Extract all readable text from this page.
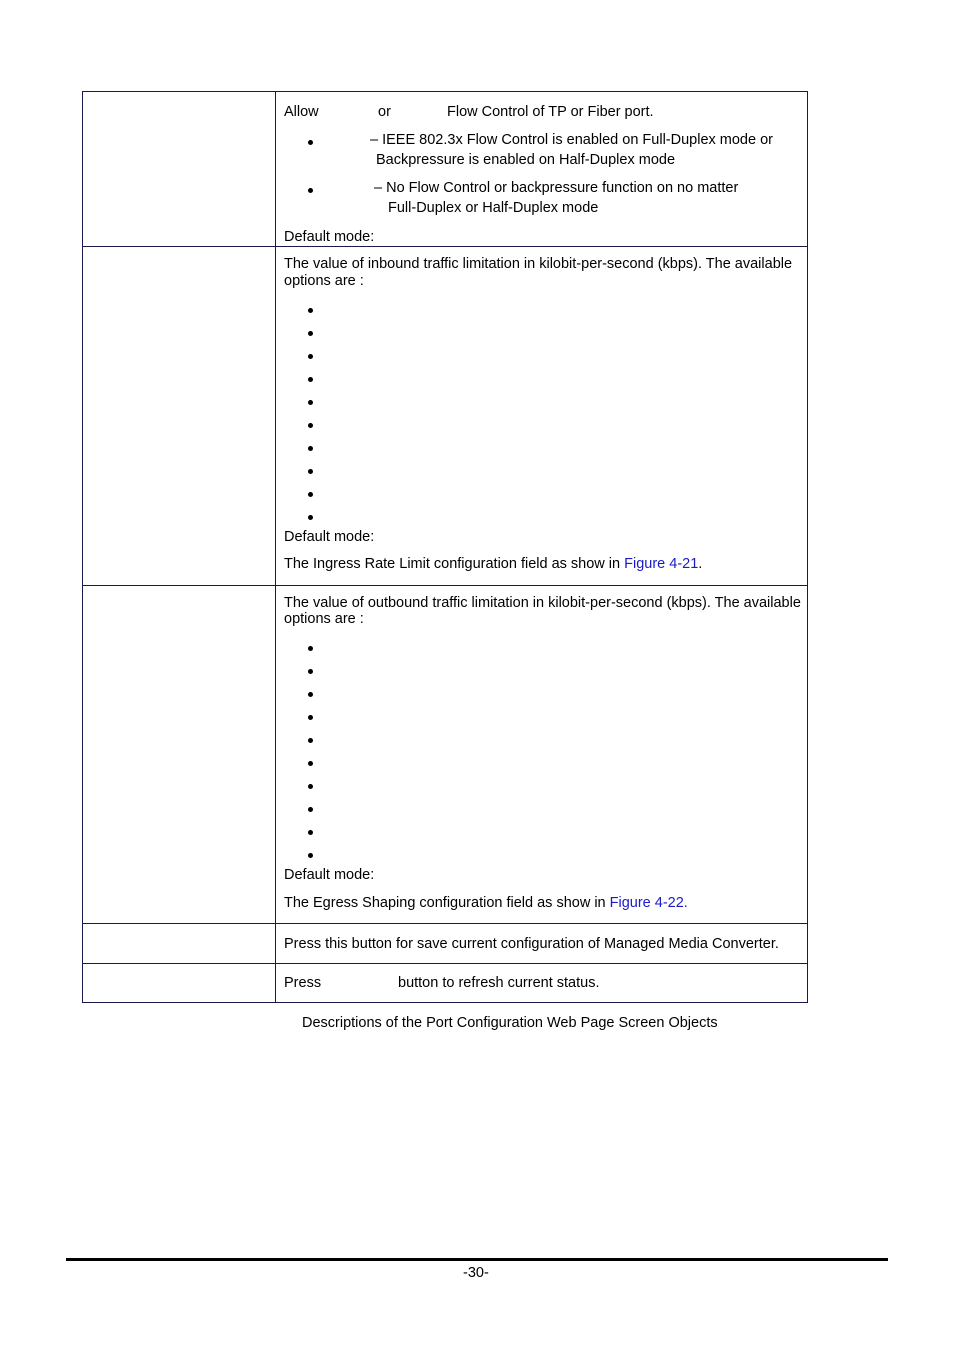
Allow	or	Flow Control of TP or Fiber port.
– IEEE 802.3x Flow Control is enabled on Full-Duplex mode or
Backpressure is enabled on Half-Duplex mode
– No Flow Control or backpressure function on no matter
Full-Duplex or Half-Duplex mode
Default mode:
The value of inbound traffic limitation in kilobit-per-second (kbps). The available
options are :
Default mode:
The Ingress Rate Limit configuration field as show in Figure 4-21.
The value of outbound traffic limitation in kilobit-per-second (kbps). The available
options are :
Default mode:
The Egress Shaping configuration field as show in Figure 4-22.
Press this button for save current configuration of Managed Media Converter.
Press	button to refresh current status.
Descriptions of the Port Configuration Web Page Screen Objects
-30-
